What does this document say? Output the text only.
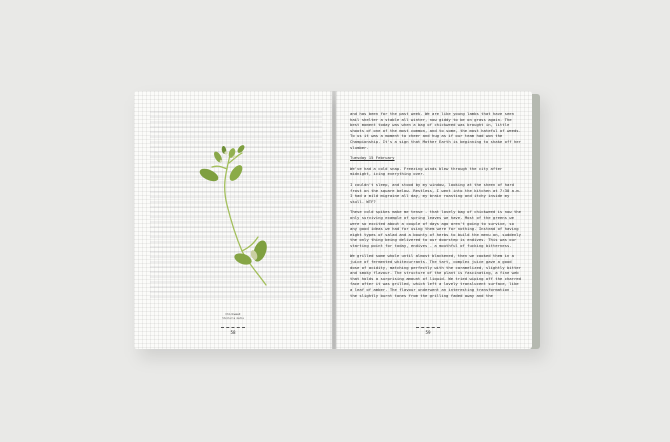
Chickweed
Stellaria media
58

and has been for the past week. We are like young lambs that have seen hail shelter a stable all winter, now giddy to be on grass again. The best moment today was when a bag of chickweed was brought in, little shoots of one of the most common, and to some, the most hateful of weeds. To us it was a moment to cheer and hug as if our team had won the Championship. It's a sign that Mother Earth is beginning to shake off her slumber.

Tuesday 15 February

We've had a cold snap. Freezing winds blew through the city after midnight, icing everything over.

I couldn't sleep, and stood by my window, looking at the sheen of hard frost on the square below. Restless, I went into the kitchen at 7:30 a.m. I had a mild migraine all day, my brain roasting and itchy inside my skull. WTF?

These cold spikes make me tense - that lovely bag of chickweed is now the only surviving example of spring leaves we have. Most of the greens we were so excited about a couple of days ago aren't going to survive, so any good ideas we had for using them were for nothing. Instead of having eight types of salad and a bounty of herbs to build the menu on, suddenly the only thing being delivered to our doorstep is endives. This was our starting point for today, endives - a mouthful of fucking bitterness.

We grilled some whole until almost blackened, then we cooked them in a juice of fermented whitecurrants. The tart, complex juice gave a good dose of acidity, matching perfectly with the caramelized, slightly bitter and smoky flavour. The structure of the plant is fascinating, a fine web that holds a surprising amount of liquid. We tried wiping off the charred face after it was grilled, which left a lovely translucent surface, like a leaf of amber. The flavour underwent an interesting transformation - the slightly burnt tones from the grilling faded away and the

59
